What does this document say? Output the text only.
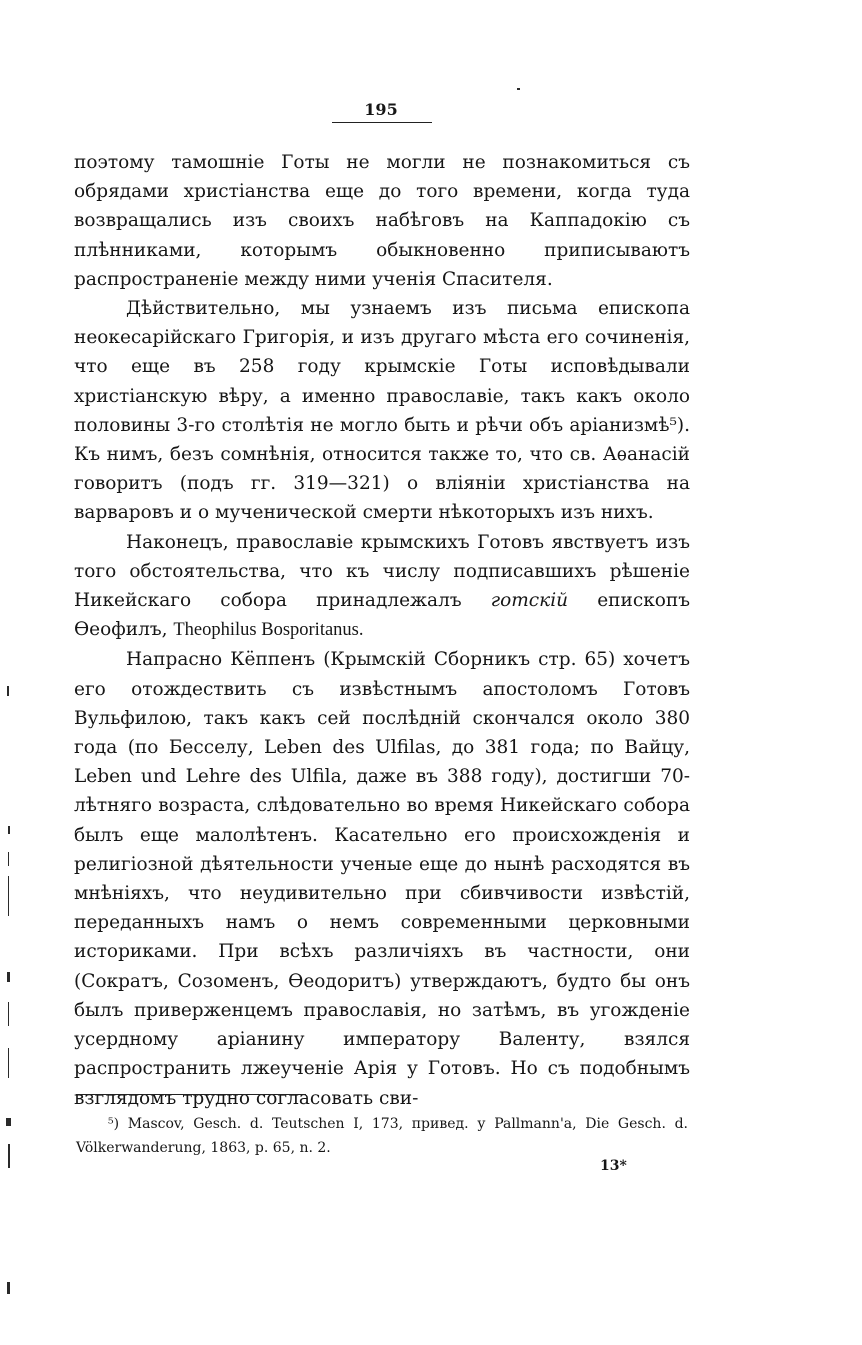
195

поэтому тамошніе Готы не могли не познакомиться съ обрядами христіанства еще до того времени, когда туда возвращались изъ своихъ набѣговъ на Каппадокію съ плѣнниками, которымъ обыкновенно приписываютъ распространеніе между ними ученія Спасителя.

Дѣйствительно, мы узнаемъ изъ письма епископа неокесарійскаго Григорія, и изъ другаго мѣста его сочиненія, что еще въ 258 году крымскіе Готы исповѣдывали христіанскую вѣру, а именно православіе, такъ какъ около половины 3-го столѣтія не могло быть и рѣчи объ аріанизмѣ⁵). Къ нимъ, безъ сомнѣнія, относится также то, что св. Аѳанасій говоритъ (подъ гг. 319—321) о вліяніи христіанства на варваровъ и о мученической смерти нѣкоторыхъ изъ нихъ.

Наконецъ, православіе крымскихъ Готовъ явствуетъ изъ того обстоятельства, что къ числу подписавшихъ рѣшеніе Никейскаго собора принадлежалъ готскій епископъ Ѳеофилъ, Theophilus Bosporitanus.

Напрасно Кёппенъ (Крымскій Сборникъ стр. 65) хочетъ его отождествить съ извѣстнымъ апостоломъ Готовъ Вульфилою, такъ какъ сей послѣдній скончался около 380 года (по Бесселу, Leben des Ulfilas, до 381 года; по Вайцу, Leben und Lehre des Ulfila, даже въ 388 году), достигши 70-лѣтняго возраста, слѣдовательно во время Никейскаго собора былъ еще малолѣтенъ. Касательно его происхожденія и религіозной дѣятельности ученые еще до нынѣ расходятся въ мнѣніяхъ, что неудивительно при сбивчивости извѣстій, переданныхъ намъ о немъ современными церковными историками. При всѣхъ различіяхъ въ частности, они (Сократъ, Созоменъ, Ѳеодоритъ) утверждаютъ, будто бы онъ былъ приверженцемъ православія, но затѣмъ, въ угожденіе усердному аріанину императору Валенту, взялся распространить лжеученіе Арія у Готовъ. Но съ подобнымъ взглядомъ трудно согласовать сви-

⁵) Mascov, Gesch. d. Teutschen I, 173, привед. у Pallmann'a, Die Gesch. d. Völkerwanderung, 1863, p. 65, n. 2.
13*
